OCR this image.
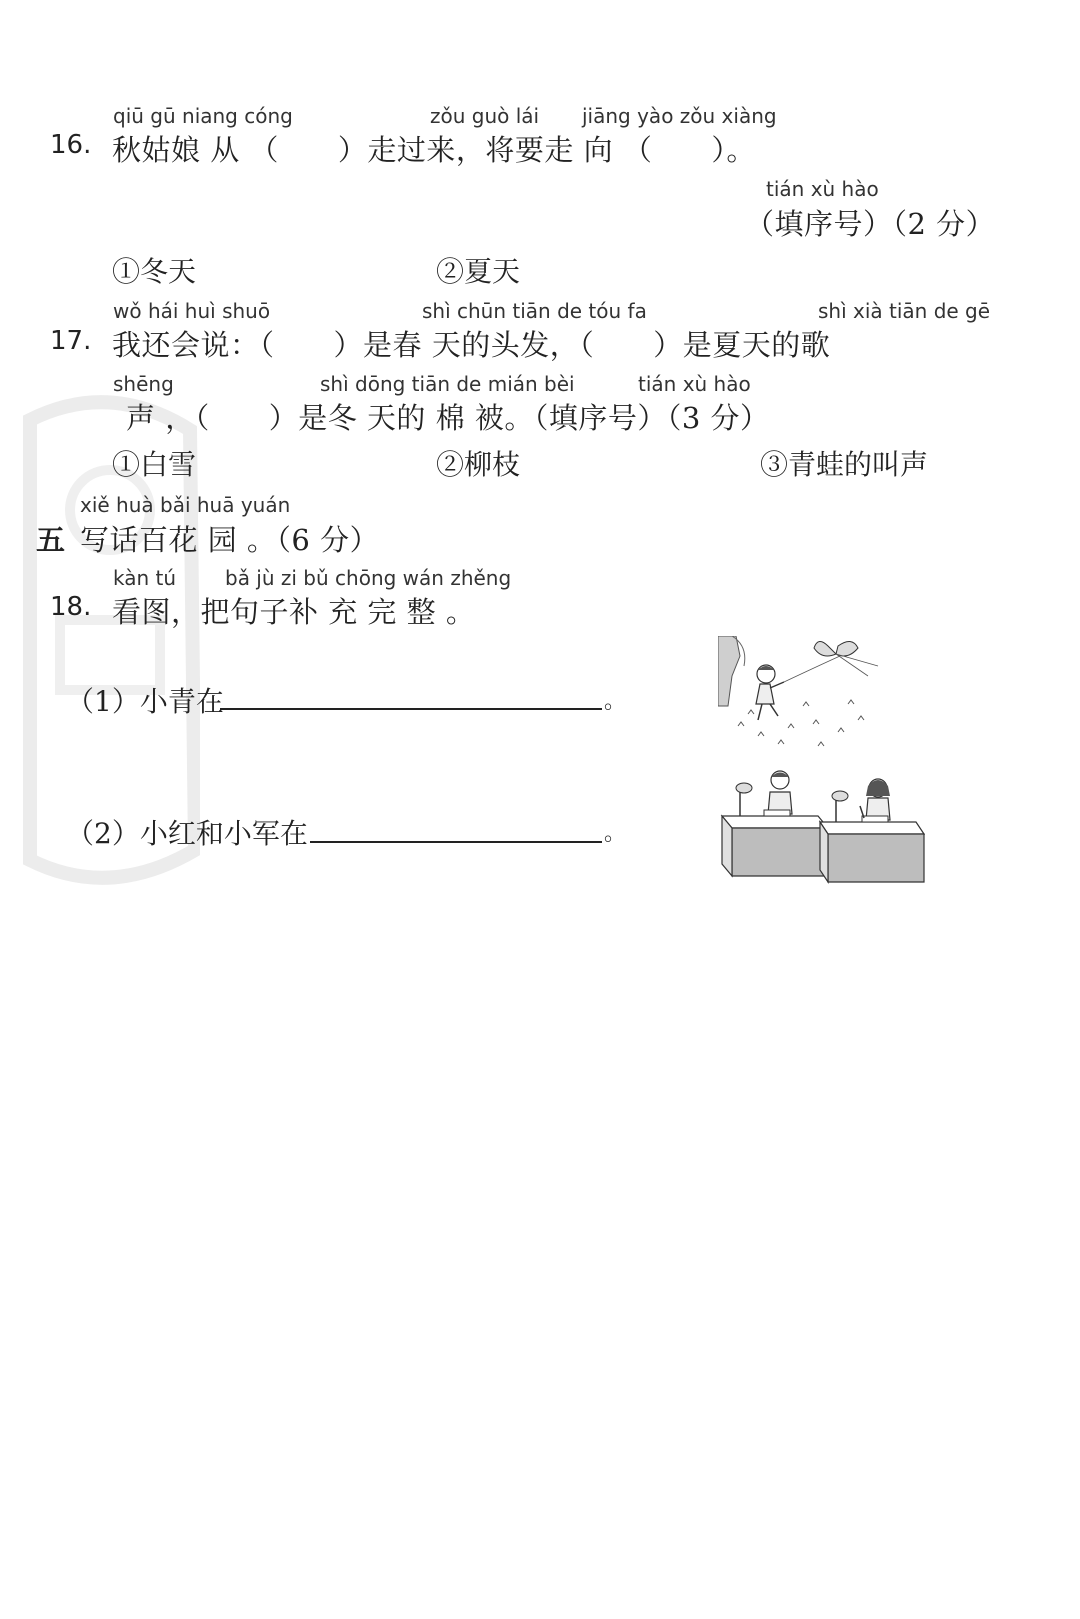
qiū gū niang cóng	zǒu guò lái jiāng yào zǒu xiàng
16. 秋姑娘 从 （　　）走过来，将要走 向 （　　）。
tián xù hào
（填序号）（2 分）
①冬天	②夏天
wǒ hái huì shuō	shì chūn tiān de tóu fa	shì xià tiān de gē
17. 我还会说：（　　）是春 天的头发，（　　）是夏天的歌
shēng	shì dōng tiān de mián bèi	tián xù hào
声 ，（　　）是冬 天的 棉 被。（填序号）（3 分）
①白雪	②柳枝	③青蛙的叫声
xiě huà bǎi huā yuán
五 写话百花 园 。（6 分）
kàn tú bǎ jù zi bǔ chōng wán zhěng
18. 看图，把句子补 充 完 整 。
（1）小青在	。
（2）小红和小军在	。
